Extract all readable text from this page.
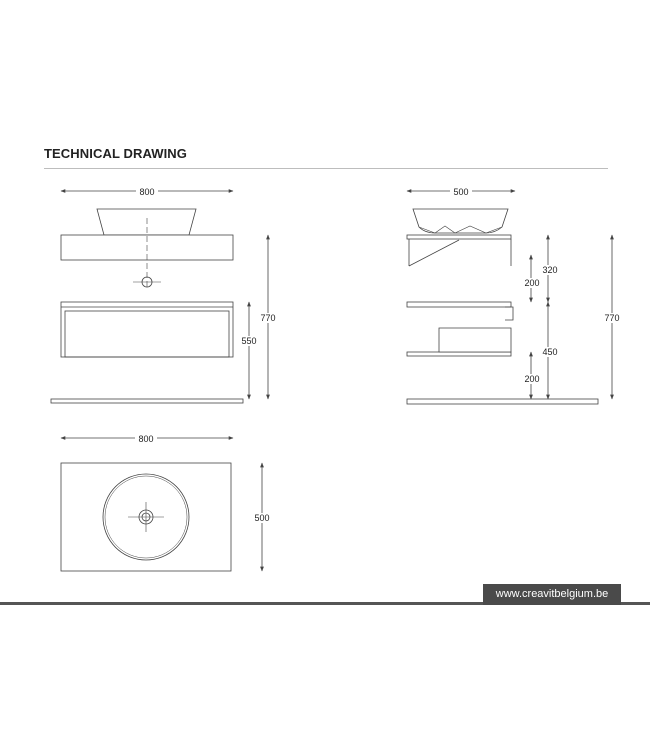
TECHNICAL DRAWING
800
550
770
500
320
200
450
200
770
800
500
www.creavitbelgium.be
